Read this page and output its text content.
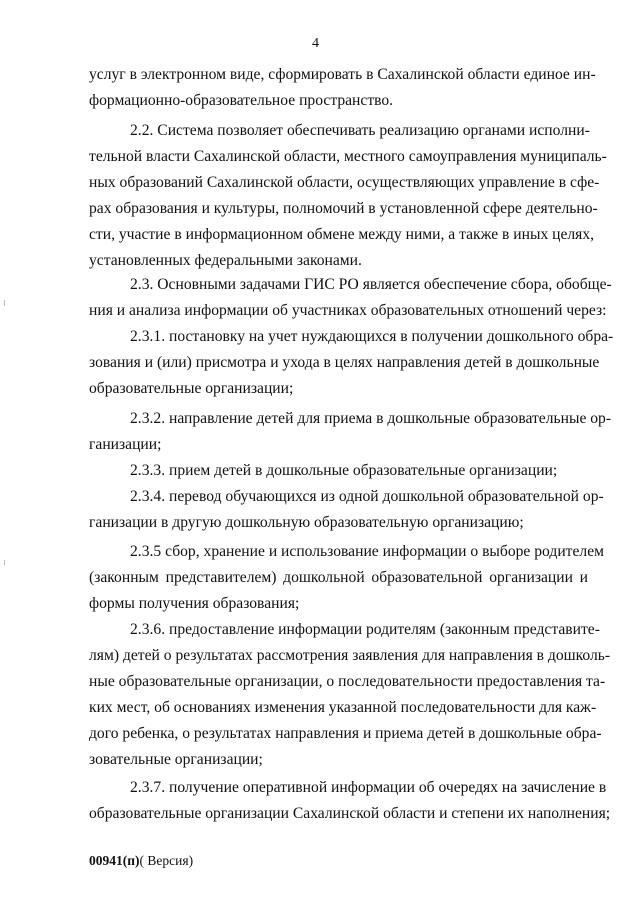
4
услуг в электронном виде, сформировать в Сахалинской области единое ин-
формационно-образовательное пространство.
2.2. Система позволяет обеспечивать реализацию органами исполни-
тельной власти Сахалинской области, местного самоуправления муниципаль-
ных образований Сахалинской области, осуществляющих управление в сфе-
рах образования и культуры, полномочий в установленной сфере деятельно-
сти, участие в информационном обмене между ними, а также в иных целях,
установленных федеральными законами.
2.3. Основными задачами ГИС РО является обеспечение сбора, обобще-
ния и анализа информации об участниках образовательных отношений через:
2.3.1. постановку на учет нуждающихся в получении дошкольного обра-
зования и (или) присмотра и ухода в целях направления детей в дошкольные
образовательные организации;
2.3.2. направление детей для приема в дошкольные образовательные ор-
ганизации;
2.3.3. прием детей в дошкольные образовательные организации;
2.3.4. перевод обучающихся из одной дошкольной образовательной ор-
ганизации в другую дошкольную образовательную организацию;
2.3.5 сбор, хранение и использование информации о выборе родителем
(законным представителем) дошкольной образовательной организации и
формы получения образования;
2.3.6. предоставление информации родителям (законным представите-
лям) детей о результатах рассмотрения заявления для направления в дошколь-
ные образовательные организации, о последовательности предоставления та-
ких мест, об основаниях изменения указанной последовательности для каж-
дого ребенка, о результатах направления и приема детей в дошкольные обра-
зовательные организации;
2.3.7. получение оперативной информации об очередях на зачисление в
образовательные организации Сахалинской области и степени их наполнения;
00941(п)( Версия)
